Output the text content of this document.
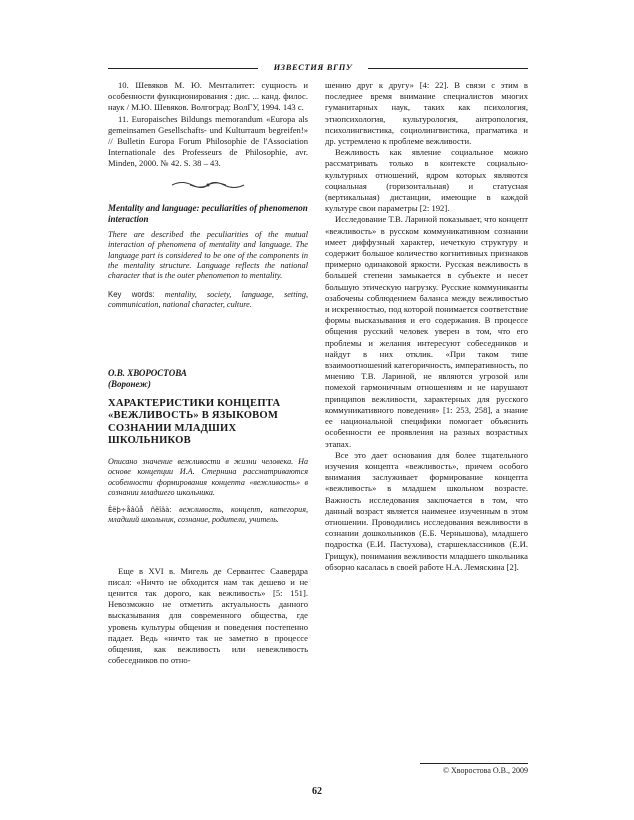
ИЗВЕСТИЯ ВГПУ

10. Шевяков М. Ю. Менталитет: сущность и особенности функционирования : дис. ... канд. филос. наук / М.Ю. Шевяков. Волгоград: ВолГУ, 1994. 143 с.

11. Europaisches Bildungs memorandum «Europa als gemeinsamen Gesellschafts- und Kulturraum begreifen!» // Bulletin Europa Forum Philosophie de l'Association Internationale des Professeurs de Philosophie, avr. Minden, 2000. № 42. S. 38 – 43.

Mentality and language: peculiarities of phenomenon interaction
There are described the peculiarities of the mutual interaction of phenomena of mentality and language. The language part is considered to be one of the components in the mentality structure. Language reflects the national character that is the outer phenomenon to mentality.
Key words: mentality, society, language, setting, communication, national character, culture.
О.В. ХВОРОСТОВА
(Воронеж)
ХАРАКТЕРИСТИКИ КОНЦЕПТА «ВЕЖЛИВОСТЬ» В ЯЗЫКОВОМ СОЗНАНИИ МЛАДШИХ ШКОЛЬНИКОВ
Описано значение вежливости в жизни человека. На основе концепции И.А. Стернина рассматриваются особенности формирования концепта «вежливость» в сознании младшего школьника.
Êëþ÷åâûå ñëîâà: вежливость, концепт, категория, младший школьник, сознание, родители, учитель.

Еще в XVI в. Мигель де Сервантес Саавердра писал: «Ничто не обходится нам так дешево и не ценится так дорого, как вежливость» [5: 151]. Невозможно не отметить актуальность данного высказывания для современного общества, где уровень культуры общения и поведения постепенно падает. Ведь «ничто так не заметно в процессе общения, как вежливость или невежливость собеседников по отно-

шению друг к другу» [4: 22]. В связи с этим в последнее время внимание специалистов многих гуманитарных наук, таких как психология, этнопсихология, культурология, антропология, психолингвистика, социолингвистика, прагматика и др. устремлено к проблеме вежливости.

Вежливость как явление социальное можно рассматривать только в контексте социально-культурных отношений, ядром которых являются социальная (горизонтальная) и статусная (вертикальная) дистанции, имеющие в каждой культуре свои параметры [2: 192].

Исследование Т.В. Лариной показывает, что концепт «вежливость» в русском коммуникативном сознании имеет диффузный характер, нечеткую структуру и содержит большое количество когнитивных признаков примерно одинаковой яркости. Русская вежливость в большей степени замыкается в субъекте и несет большую этическую нагрузку. Русские коммуниканты озабочены соблюдением баланса между вежливостью и искренностью, под которой понимается соответствие формы высказывания и его содержания. В процессе общения русский человек уверен в том, что его проблемы и желания интересуют собеседников и найдут в них отклик. «При таком типе взаимоотношений категоричность, императивность, по мнению Т.В. Лариной, не являются угрозой или помехой гармоничным отношениям и не нарушают принципов вежливости, характерных для русского коммуникативного поведения» [1: 253, 258], а знание ее национальной специфики помогает объяснить особенности ее проявления на разных возрастных этапах.

Все это дает основания для более тщательного изучения концепта «вежливость», причем особого внимания заслуживает формирование концепта «вежливость» в младшем школьном возрасте. Важность исследования заключается в том, что данный возраст является наименее изученным в этом отношении. Проводились исследования вежливости в сознании дошкольников (Е.Б. Чернышова), младшего подростка (Е.И. Пастухова), старшеклассников (Е.И. Грищук), понимания вежливости младшего школьника обзорно касалась в своей работе Н.А. Лемяскина [2].

© Хворостова О.В., 2009
62
